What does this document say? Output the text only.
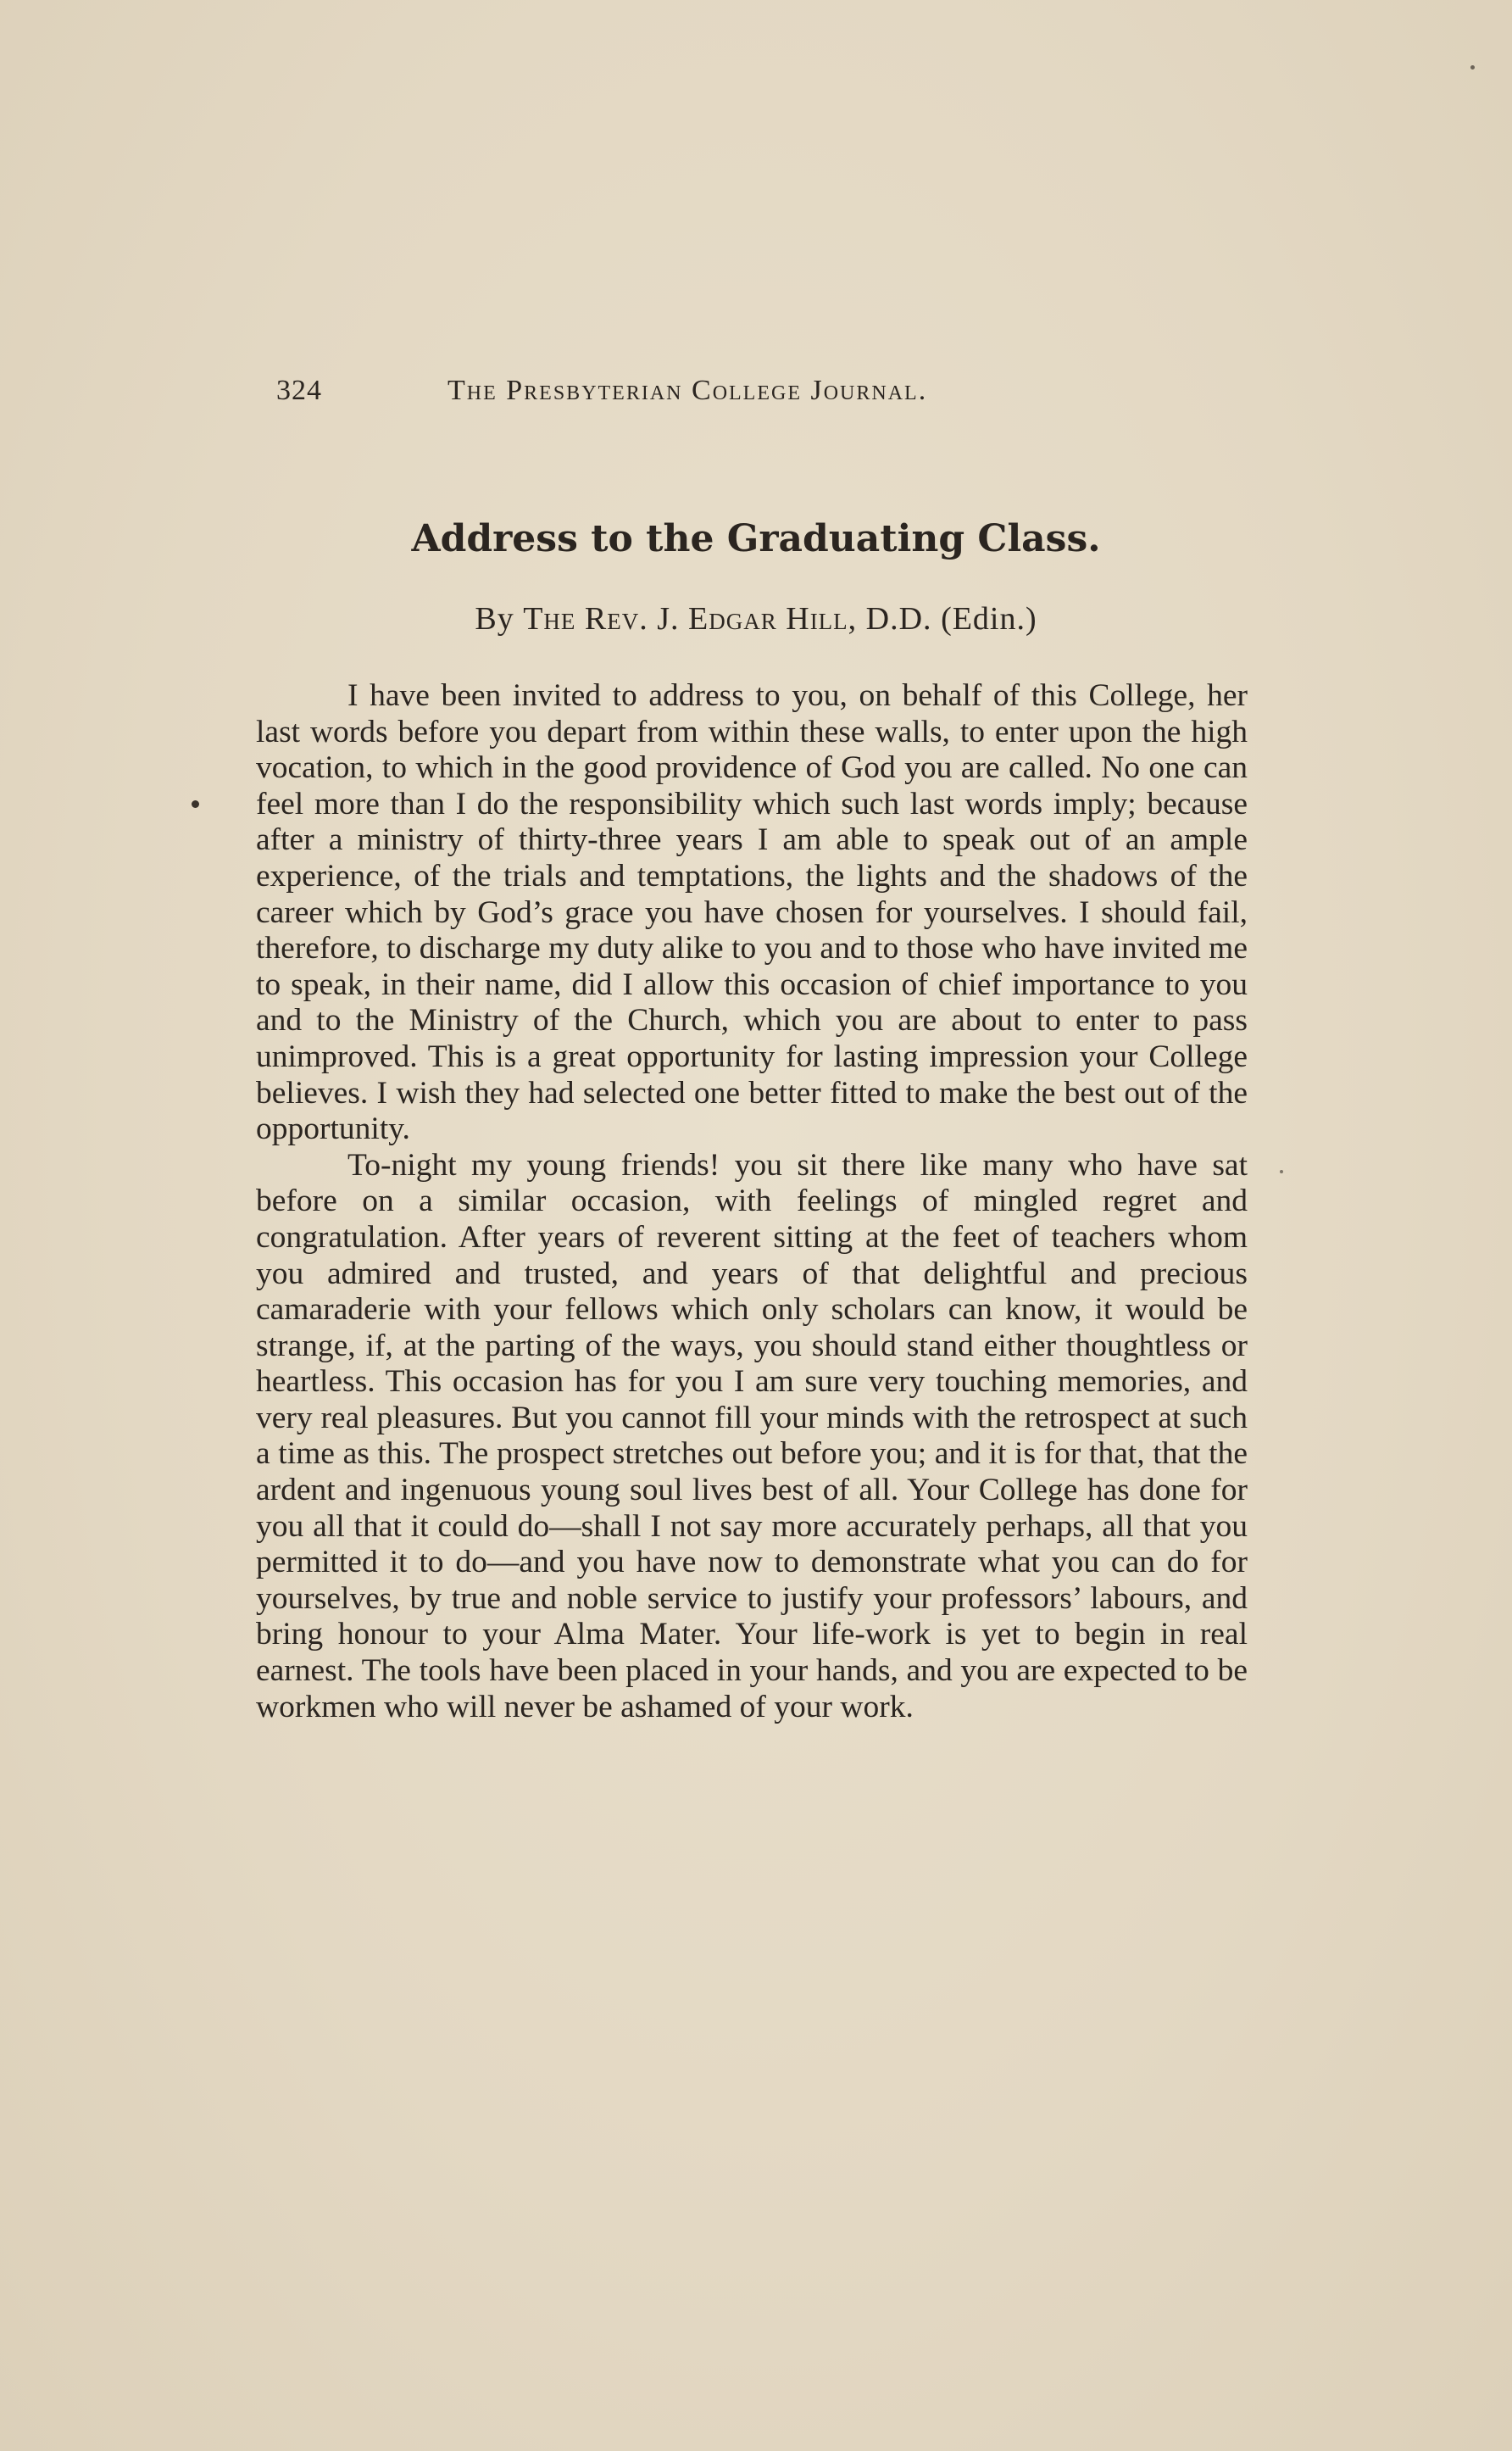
324	The Presbyterian College Journal.
Address to the Graduating Class.
By The Rev. J. Edgar Hill, D.D. (Edin.)

I have been invited to address to you, on behalf of this College, her last words before you depart from within these walls, to enter upon the high vocation, to which in the good providence of God you are called. No one can feel more than I do the responsibility which such last words imply; because after a ministry of thirty-three years I am able to speak out of an ample experience, of the trials and temptations, the lights and the shadows of the career which by God’s grace you have chosen for yourselves. I should fail, therefore, to discharge my duty alike to you and to those who have invited me to speak, in their name, did I allow this occasion of chief importance to you and to the Ministry of the Church, which you are about to enter to pass unimproved. This is a great opportunity for lasting impression your College believes. I wish they had selected one better fitted to make the best out of the opportunity.

To-night my young friends! you sit there like many who have sat before on a similar occasion, with feelings of mingled regret and congratulation. After years of reverent sitting at the feet of teachers whom you admired and trusted, and years of that delightful and precious camaraderie with your fellows which only scholars can know, it would be strange, if, at the parting of the ways, you should stand either thoughtless or heartless. This occasion has for you I am sure very touching memories, and very real pleasures. But you cannot fill your minds with the retrospect at such a time as this. The prospect stretches out before you; and it is for that, that the ardent and ingenuous young soul lives best of all. Your College has done for you all that it could do—shall I not say more accurately perhaps, all that you permitted it to do—and you have now to demonstrate what you can do for yourselves, by true and noble service to justify your professors’ labours, and bring honour to your Alma Mater. Your life-work is yet to begin in real earnest. The tools have been placed in your hands, and you are expected to be workmen who will never be ashamed of your work.
